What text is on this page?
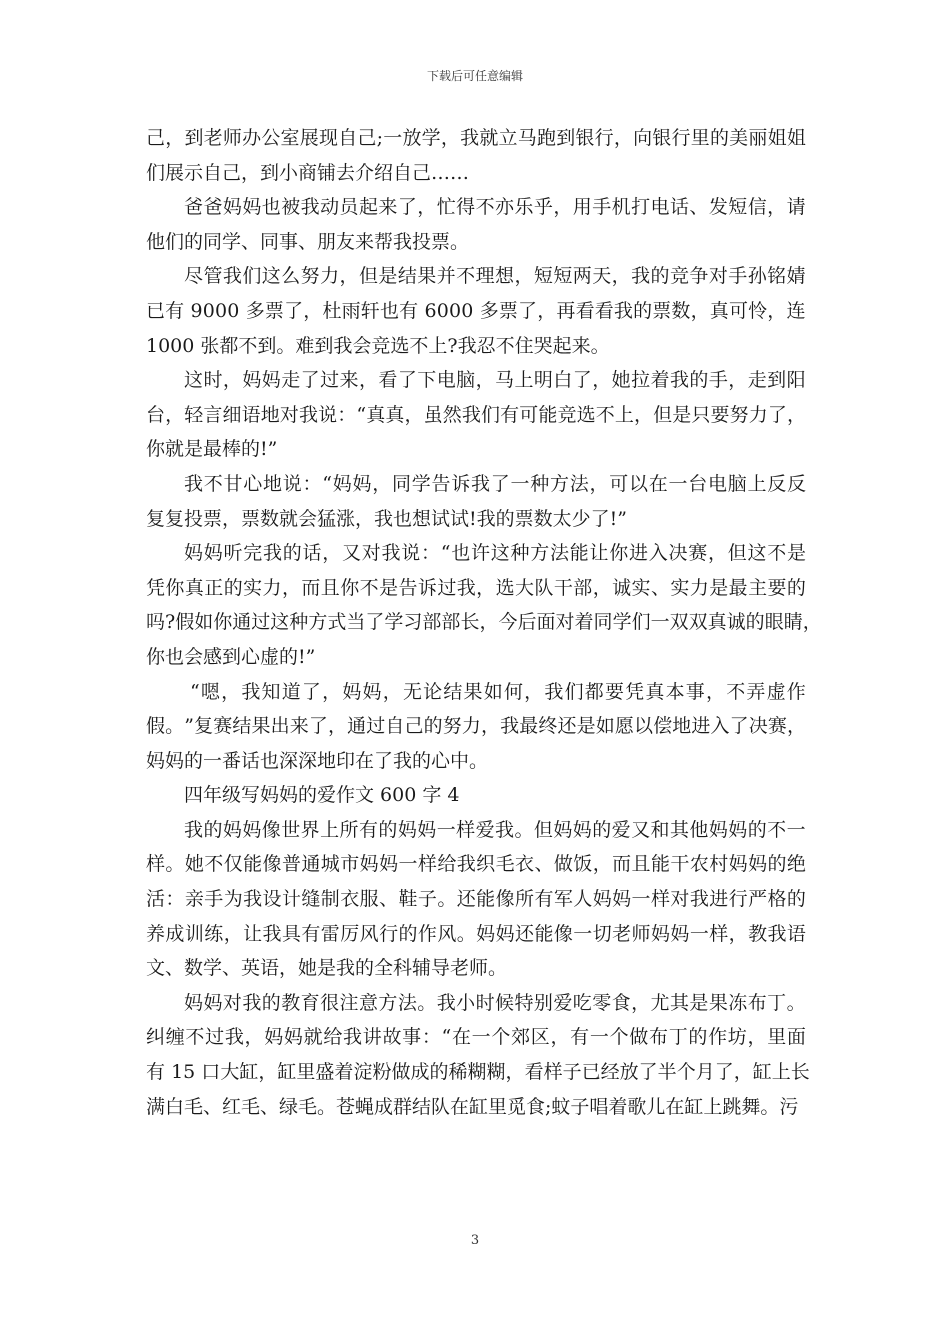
下载后可任意编辑
己 ， 到 老 师 办 公 室 展 现 自 己 ; 一 放 学 ， 我 就 立 马 跑 到 银 行 ， 向 银 行 里 的 美 丽 姐 姐
们展示自己，到小商铺去介绍自己……
爸 爸 妈 妈 也 被 我 动 员 起 来 了 ， 忙 得 不 亦 乐 乎 ， 用 手 机 打 电 话 、 发 短 信 ， 请
他们的同学、同事、朋友来帮我投票。
尽 管 我 们 这 么 努 力 ， 但 是 结 果 并 不 理 想 ， 短 短 两 天 ， 我 的 竞 争 对 手 孙 铭 婧
已 有
9 0 0 0
多 票 了 ， 杜 雨 轩 也 有
6 0 0 0
多 票 了 ， 再 看 看 我 的 票 数 ， 真 可 怜 ， 连
1000 张都不到。难到我会竞选不上?我忍不住哭起来。
这 时 ， 妈 妈 走 了 过 来 ， 看 了 下 电 脑 ， 马 上 明 白 了 ， 她 拉 着 我 的 手 ， 走 到 阳
台 ， 轻 言 细 语 地 对 我 说 ： “ 真 真 ， 虽 然 我 们 有 可 能 竞 选 不 上 ， 但 是 只 要 努 力 了 ，
你就是最棒的!”
我 不 甘 心 地 说 ： “ 妈 妈 ， 同 学 告 诉 我 了 一 种 方 法 ， 可 以 在 一 台 电 脑 上 反 反
复复投票，票数就会猛涨，我也想试试!我的票数太少了!”
妈 妈 听 完 我 的 话 ， 又 对 我 说 ： “ 也 许 这 种 方 法 能 让 你 进 入 决 赛 ， 但 这 不 是
凭 你 真 正 的 实 力 ， 而 且 你 不 是 告 诉 过 我 ， 选 大 队 干 部 ， 诚 实 、 实 力 是 最 主 要 的
吗 ? 假 如 你 通 过 这 种 方 式 当 了 学 习 部 部 长 ， 今 后 面 对 着 同 学 们 一 双 双 真 诚 的 眼 睛 ，
你也会感到心虚的!”
“ 嗯 ， 我 知 道 了 ， 妈 妈 ， 无 论 结 果 如 何 ， 我 们 都 要 凭 真 本 事 ， 不 弄 虚 作
假 。 ” 复 赛 结 果 出 来 了 ， 通 过 自 己 的 努 力 ， 我 最 终 还 是 如 愿 以 偿 地 进 入 了 决 赛 ，
妈妈的一番话也深深地印在了我的心中。
四年级写妈妈的爱作文 600 字 4
我 的 妈 妈 像 世 界 上 所 有 的 妈 妈 一 样 爱 我 。 但 妈 妈 的 爱 又 和 其 他 妈 妈 的 不 一
样 。 她 不 仅 能 像 普 通 城 市 妈 妈 一 样 给 我 织 毛 衣 、 做 饭 ， 而 且 能 干 农 村 妈 妈 的 绝
活 ： 亲 手 为 我 设 计 缝 制 衣 服 、 鞋 子 。 还 能 像 所 有 军 人 妈 妈 一 样 对 我 进 行 严 格 的
养 成 训 练 ， 让 我 具 有 雷 厉 风 行 的 作 风 。 妈 妈 还 能 像 一 切 老 师 妈 妈 一 样 ， 教 我 语
文、数学、英语，她是我的全科辅导老师。
妈 妈 对 我 的 教 育 很 注 意 方 法 。 我 小 时 候 特 别 爱 吃 零 食 ， 尤 其 是 果 冻 布 丁 。
纠 缠 不 过 我 ， 妈 妈 就 给 我 讲 故 事 ： “ 在 一 个 郊 区 ， 有 一 个 做 布 丁 的 作 坊 ， 里 面
有
1 5
口 大 缸 ， 缸 里 盛 着 淀 粉 做 成 的 稀 糊 糊 ， 看 样 子 已 经 放 了 半 个 月 了 ， 缸 上 长
满白毛、红毛、绿毛。苍蝇成群结队在缸里觅食;蚊子唱着歌儿在缸上跳舞。污
3
